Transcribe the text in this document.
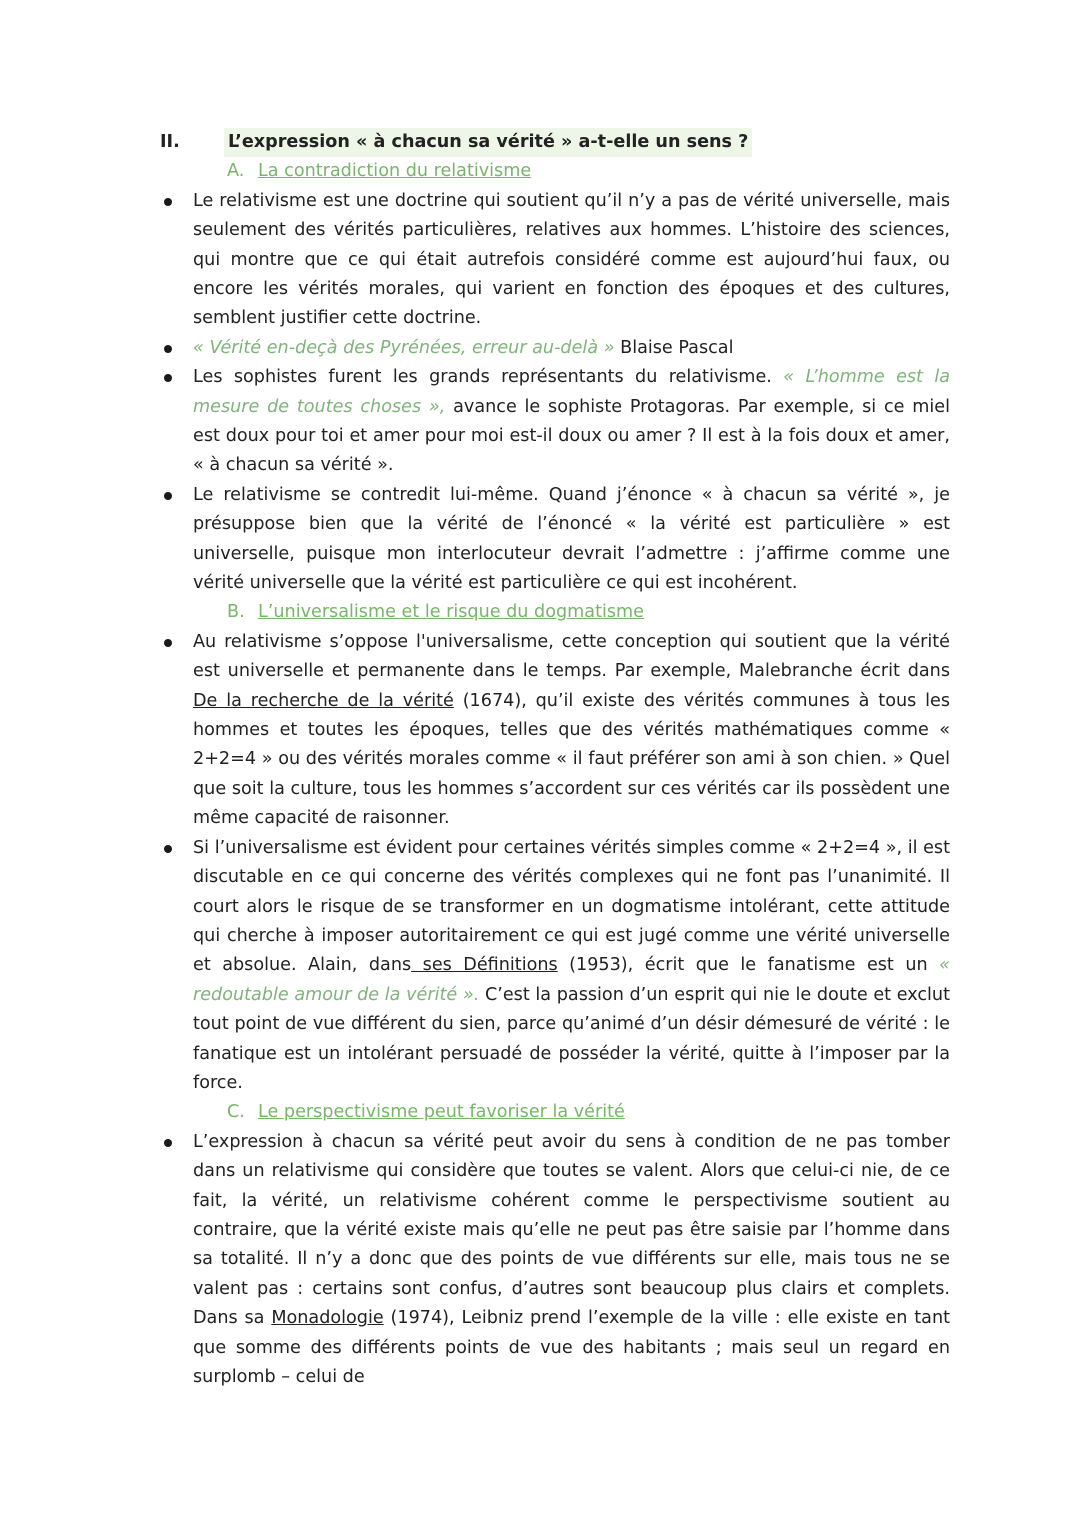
II.	L’expression « à chacun sa vérité » a-t-elle un sens ?
A. La contradiction du relativisme

Le relativisme est une doctrine qui soutient qu’il n’y a pas de vérité universelle, mais seulement des vérités particulières, relatives aux hommes. L’histoire des sciences, qui montre que ce qui était autrefois considéré comme est aujourd’hui faux, ou encore les vérités morales, qui varient en fonction des époques et des cultures, semblent justifier cette doctrine.

« Vérité en-deçà des Pyrénées, erreur au-delà » Blaise Pascal

Les sophistes furent les grands représentants du relativisme. « L’homme est la mesure de toutes choses », avance le sophiste Protagoras. Par exemple, si ce miel est doux pour toi et amer pour moi est-il doux ou amer ? Il est à la fois doux et amer, « à chacun sa vérité ».

Le relativisme se contredit lui-même. Quand j’énonce « à chacun sa vérité », je présuppose bien que la vérité de l’énoncé « la vérité est particulière » est universelle, puisque mon interlocuteur devrait l’admettre : j’affirme comme une vérité universelle que la vérité est particulière ce qui est incohérent.

B. L’universalisme et le risque du dogmatisme

Au relativisme s’oppose l'universalisme, cette conception qui soutient que la vérité est universelle et permanente dans le temps. Par exemple, Malebranche écrit dans De la recherche de la vérité (1674), qu’il existe des vérités communes à tous les hommes et toutes les époques, telles que des vérités mathématiques comme « 2+2=4 » ou des vérités morales comme « il faut préférer son ami à son chien. » Quel que soit la culture, tous les hommes s’accordent sur ces vérités car ils possèdent une même capacité de raisonner.

Si l’universalisme est évident pour certaines vérités simples comme « 2+2=4 », il est discutable en ce qui concerne des vérités complexes qui ne font pas l’unanimité. Il court alors le risque de se transformer en un dogmatisme intolérant, cette attitude qui cherche à imposer autoritairement ce qui est jugé comme une vérité universelle et absolue. Alain, dans ses Définitions (1953), écrit que le fanatisme est un « redoutable amour de la vérité ». C’est la passion d’un esprit qui nie le doute et exclut tout point de vue différent du sien, parce qu’animé d’un désir démesuré de vérité : le fanatique est un intolérant persuadé de posséder la vérité, quitte à l’imposer par la force.

C. Le perspectivisme peut favoriser la vérité

L’expression à chacun sa vérité peut avoir du sens à condition de ne pas tomber dans un relativisme qui considère que toutes se valent. Alors que celui-ci nie, de ce fait, la vérité, un relativisme cohérent comme le perspectivisme soutient au contraire, que la vérité existe mais qu’elle ne peut pas être saisie par l’homme dans sa totalité. Il n’y a donc que des points de vue différents sur elle, mais tous ne se valent pas : certains sont confus, d’autres sont beaucoup plus clairs et complets. Dans sa Monadologie (1974), Leibniz prend l’exemple de la ville : elle existe en tant que somme des différents points de vue des habitants ; mais seul un regard en surplomb – celui de
